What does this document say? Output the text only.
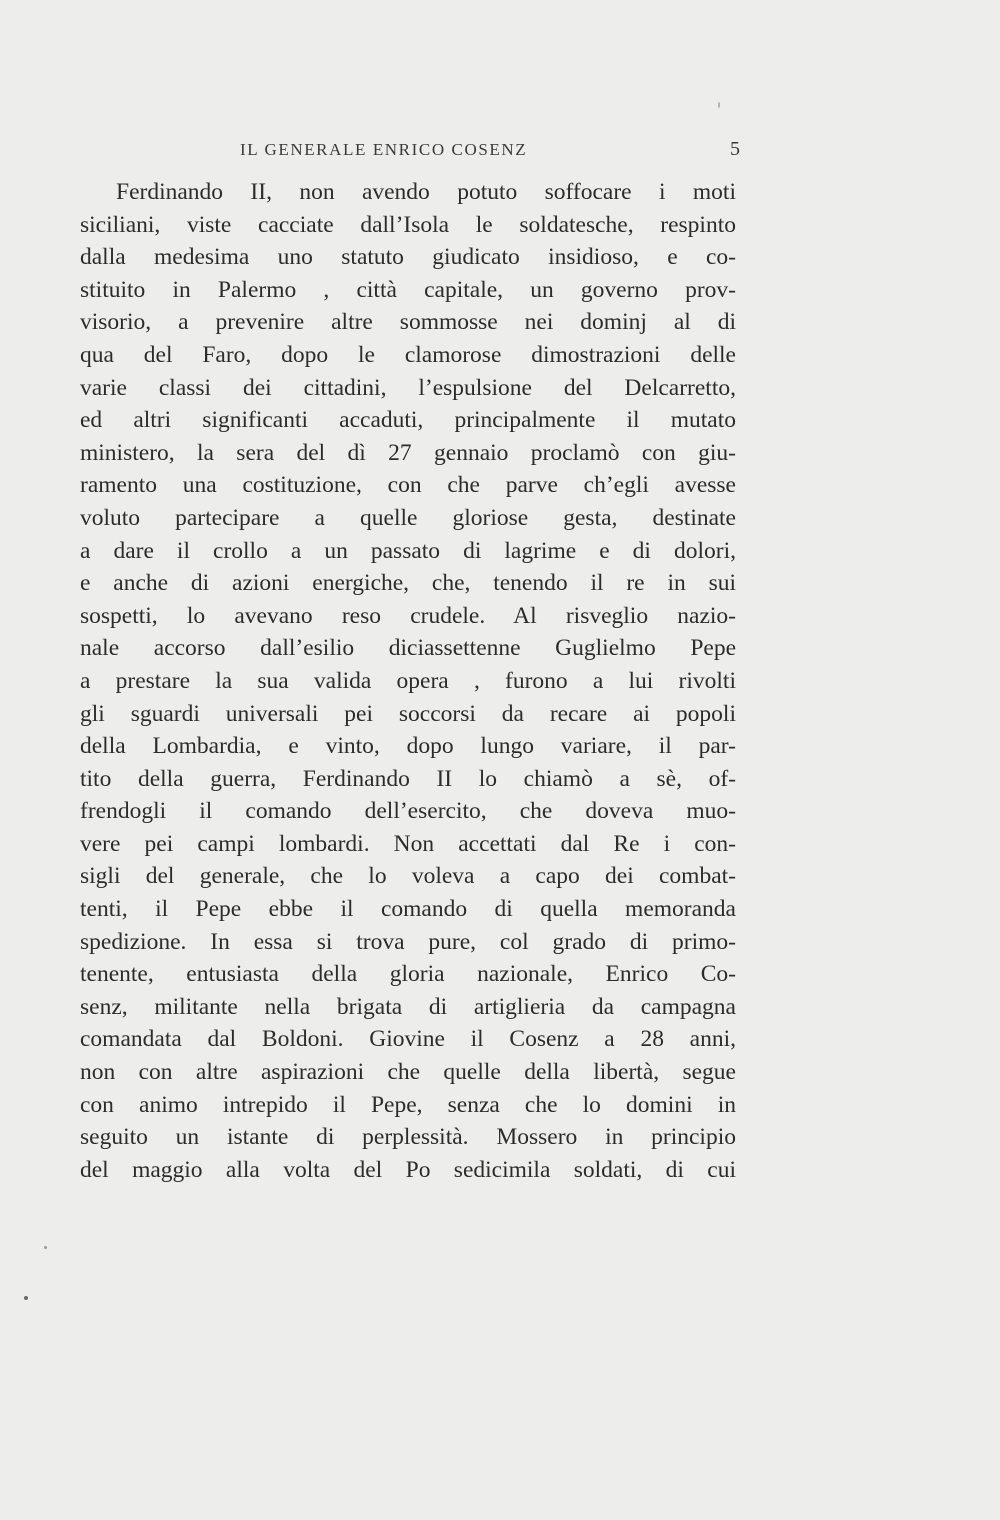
IL GENERALE ENRICO COSENZ	5
Ferdinando II, non avendo potuto soffocare i moti
siciliani, viste cacciate dall’Isola le soldatesche, respinto
dalla medesima uno statuto giudicato insidioso, e co-
stituito in Palermo , città capitale, un governo prov-
visorio, a prevenire altre sommosse nei dominj al di
qua del Faro, dopo le clamorose dimostrazioni delle
varie classi dei cittadini, l’espulsione del Delcarretto,
ed altri significanti accaduti, principalmente il mutato
ministero, la sera del dì 27 gennaio proclamò con giu-
ramento una costituzione, con che parve ch’egli avesse
voluto partecipare a quelle gloriose gesta, destinate
a dare il crollo a un passato di lagrime e di dolori,
e anche di azioni energiche, che, tenendo il re in sui
sospetti, lo avevano reso crudele. Al risveglio nazio-
nale accorso dall’esilio diciassettenne Guglielmo Pepe
a prestare la sua valida opera , furono a lui rivolti
gli sguardi universali pei soccorsi da recare ai popoli
della Lombardia, e vinto, dopo lungo variare, il par-
tito della guerra, Ferdinando II lo chiamò a sè, of-
frendogli il comando dell’esercito, che doveva muo-
vere pei campi lombardi. Non accettati dal Re i con-
sigli del generale, che lo voleva a capo dei combat-
tenti, il Pepe ebbe il comando di quella memoranda
spedizione. In essa si trova pure, col grado di primo-
tenente, entusiasta della gloria nazionale, Enrico Co-
senz, militante nella brigata di artiglieria da campagna
comandata dal Boldoni. Giovine il Cosenz a 28 anni,
non con altre aspirazioni che quelle della libertà, segue
con animo intrepido il Pepe, senza che lo domini in
seguito un istante di perplessità. Mossero in principio
del maggio alla volta del Po sedicimila soldati, di cui
